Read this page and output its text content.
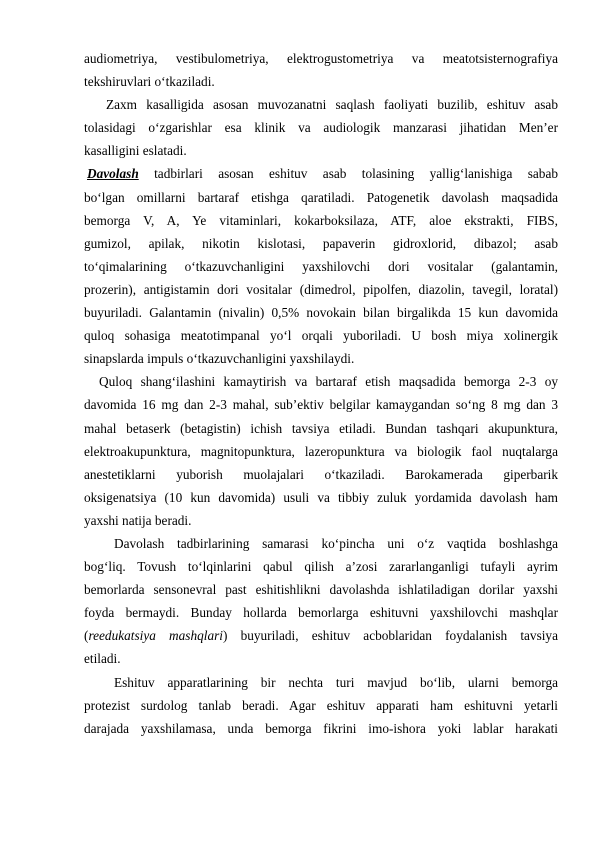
audiometriya, vestibulometriya, elektrogustometriya va meatotsisternografiya
tekshiruvlari o‘tkaziladi.
Zaxm kasalligida asosan muvozanatni saqlash faoliyati buzilib, eshituv asab
tolasidagi o‘zgarishlar esa klinik va audiologik manzarasi jihatidan Men’er
kasalligini eslatadi.
Davolash tadbirlari asosan eshituv asab tolasining yallig‘lanishiga sabab
bo‘lgan omillarni bartaraf etishga qaratiladi. Patogenetik davolash maqsadida
bemorga V, A, Ye vitaminlari, kokarboksilaza, ATF, aloe ekstrakti, FIBS,
gumizol, apilak, nikotin kislotasi, papaverin gidroxlorid, dibazol; asab
to‘qimalarining o‘tkazuvchanligini yaxshilovchi dori vositalar (galantamin,
prozerin), antigistamin dori vositalar (dimedrol, pipolfen, diazolin, tavegil, loratal)
buyuriladi. Galantamin (nivalin) 0,5% novokain bilan birgalikda 15 kun davomida
quloq sohasiga meatotimpanal yo‘l orqali yuboriladi. U bosh miya xolinergik
sinapslarda impuls o‘tkazuvchanligini yaxshilaydi.
Quloq shang‘ilashini kamaytirish va bartaraf etish maqsadida bemorga 2-3 oy
davomida 16 mg dan 2-3 mahal, sub’ektiv belgilar kamaygandan so‘ng 8 mg dan 3
mahal betaserk (betagistin) ichish tavsiya etiladi. Bundan tashqari akupunktura,
elektroakupunktura, magnitopunktura, lazeropunktura va biologik faol nuqtalarga
anestetiklarni yuborish muolajalari o‘tkaziladi. Barokamerada giperbarik
oksigenatsiya (10 kun davomida) usuli va tibbiy zuluk yordamida davolash ham
yaxshi natija beradi.
Davolash tadbirlarining samarasi ko‘pincha uni o‘z vaqtida boshlashga
bog‘liq. Tovush to‘lqinlarini qabul qilish a’zosi zararlanganligi tufayli ayrim
bemorlarda sensonevral past eshitishlikni davolashda ishlatiladigan dorilar yaxshi
foyda bermaydi. Bunday hollarda bemorlarga eshituvni yaxshilovchi mashqlar
(reedukatsiya mashqlari) buyuriladi, eshituv acboblaridan foydalanish tavsiya
etiladi.
Eshituv apparatlarining bir nechta turi mavjud bo‘lib, ularni bemorga
protezist surdolog tanlab beradi. Agar eshituv apparati ham eshituvni yetarli
darajada yaxshilamasa, unda bemorga fikrini imo-ishora yoki lablar harakati
